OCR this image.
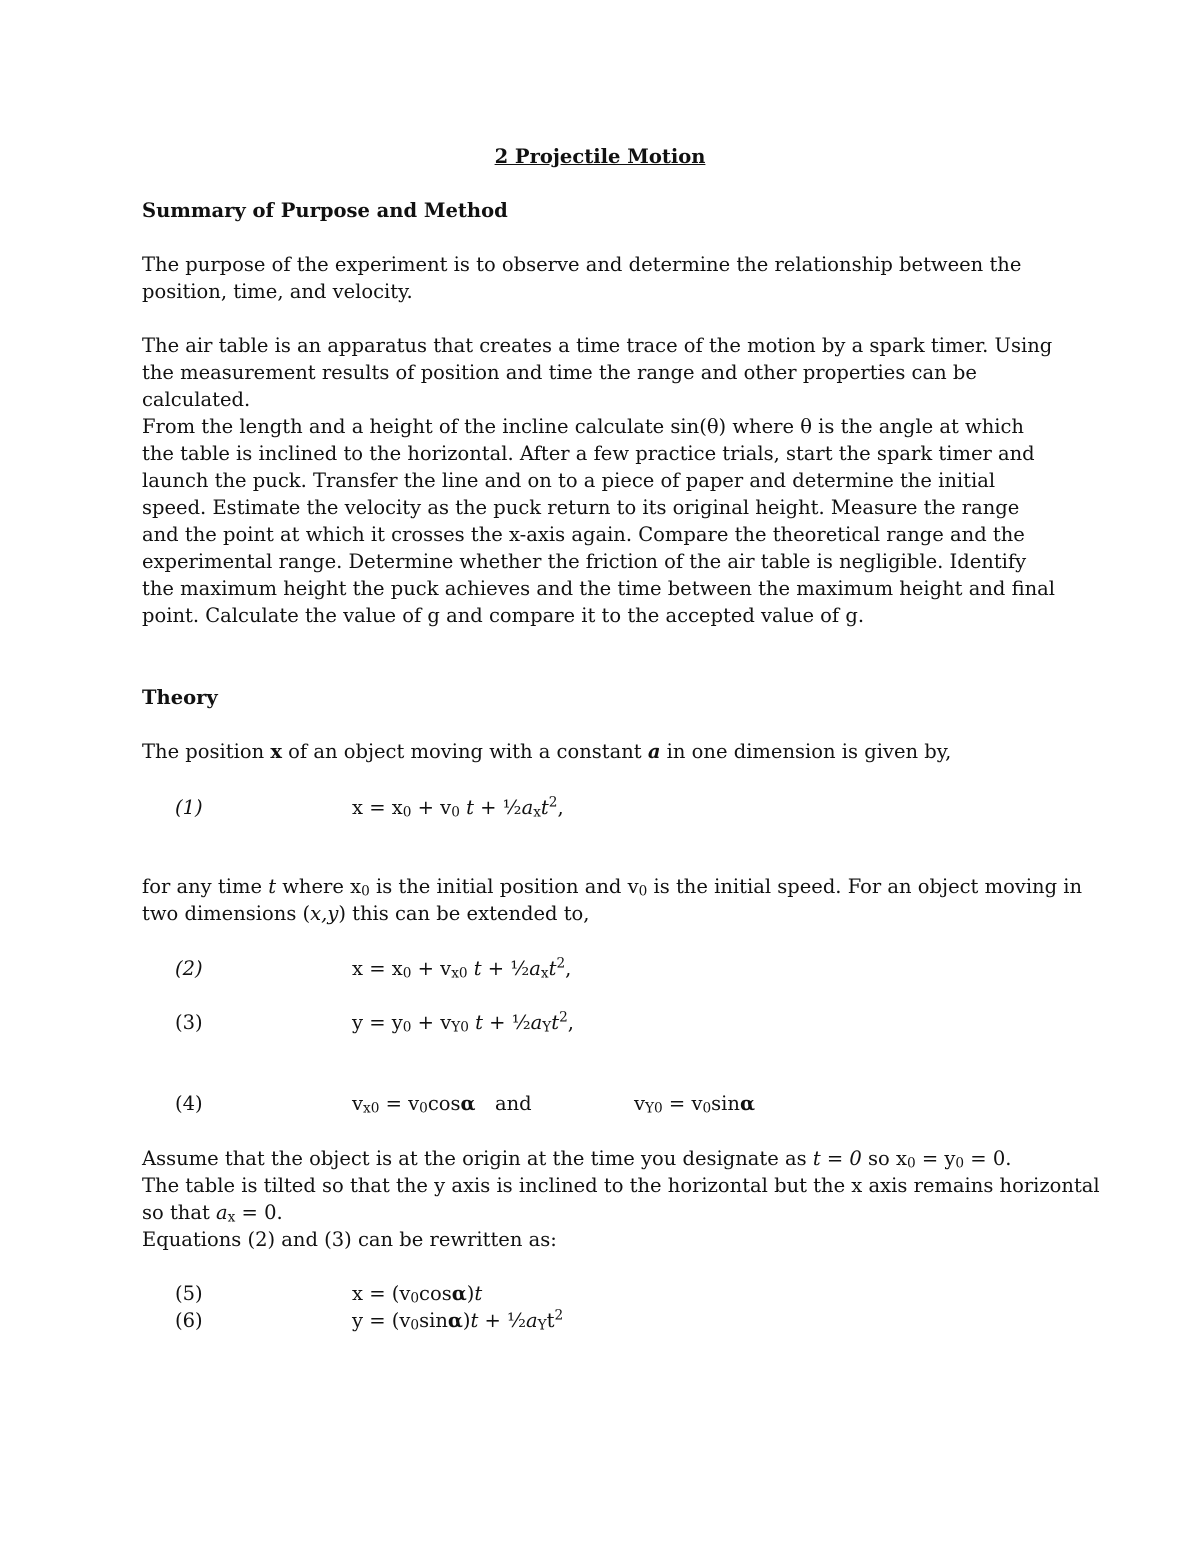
2 Projectile Motion
Summary of Purpose and Method

The purpose of the experiment is to observe and determine the relationship between the position, time, and velocity.

The air table is an apparatus that creates a time trace of the motion by a spark timer. Using the measurement results of position and time the range and other properties can be calculated.

From the length and a height of the incline calculate sin(θ) where θ is the angle at which the table is inclined to the horizontal. After a few practice trials, start the spark timer and launch the puck. Transfer the line and on to a piece of paper and determine the initial speed. Estimate the velocity as the puck return to its original height. Measure the range and the point at which it crosses the x-axis again. Compare the theoretical range and the experimental range. Determine whether the friction of the air table is negligible. Identify the maximum height the puck achieves and the time between the maximum height and final point. Calculate the value of g and compare it to the accepted value of g.

Theory
The position x of an object moving with a constant a in one dimension is given by,
(1)	$x = x_0 + v_0$ $t + \frac{1}{2}a_xt^2$,
for any time t where $x_0$ is the initial position and $v_0$ is the initial speed. For an object moving in
two dimensions (x,y) this can be extended to,
(2)	$x = x_0 + v_{x0}$ $t + \frac{1}{2}a_xt^2$,
(3)	$y = y_0 + v_{Y0}$ $t + \frac{1}{2}a_Yt^2$,
(4)	$v_{x0} = v_0\cos\alpha$ and	$v_{Y0} = v_0\sin\alpha$
Assume that the object is at the origin at the time you designate as t = 0 so $x_0 = y_0 = 0$.
The table is tilted so that the y axis is inclined to the horizontal but the x axis remains horizontal
so that $a_x = 0$.
Equations (2) and (3) can be rewritten as:
(5)	$x = (v_0\cos\alpha)t$
(6)	$y = (v_0\sin\alpha)t$ + $\frac{1}{2}a_Yt^2$
